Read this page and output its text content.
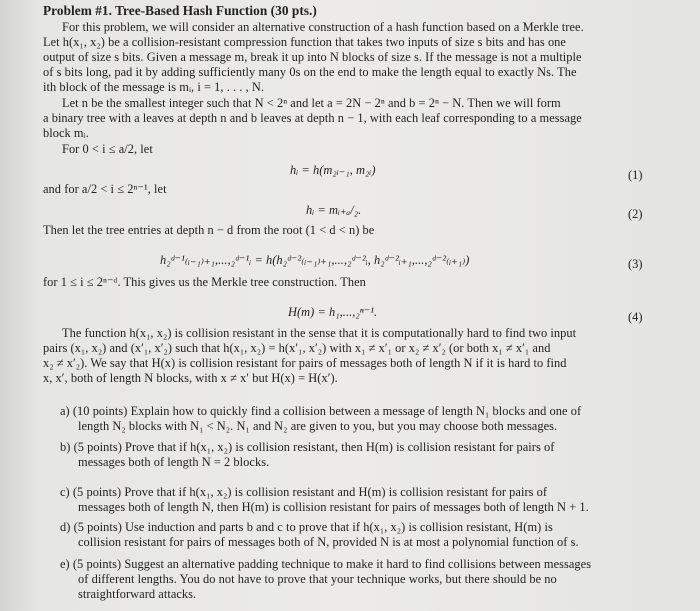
Problem #1. Tree-Based Hash Function (30 pts.)
For this problem, we will consider an alternative construction of a hash function based on a Merkle tree.
Let h(x₁, x₂) be a collision-resistant compression function that takes two inputs of size s bits and has one
output of size s bits. Given a message m, break it up into N blocks of size s. If the message is not a multiple
of s bits long, pad it by adding sufficiently many 0s on the end to make the length equal to exactly Ns. The
ith block of the message is mᵢ, i = 1, . . . , N.
Let n be the smallest integer such that N < 2ⁿ and let a = 2N − 2ⁿ and b = 2ⁿ − N. Then we will form
a binary tree with a leaves at depth n and b leaves at depth n − 1, with each leaf corresponding to a message
block mᵢ.
For 0 < i ≤ a/2, let
hᵢ = h(m₂ᵢ₋₁, m₂ᵢ)	(1)
and for a/2 < i ≤ 2ⁿ⁻¹, let
hᵢ = mᵢ₊ₐ/₂.	(2)
Then let the tree entries at depth n − d from the root (1 < d < n) be
h₂ᵈ⁻¹₍ᵢ₋₁₎₊₁,...,₂ᵈ⁻¹ᵢ = h(h₂ᵈ⁻²₍ᵢ₋₁₎₊₁,...,₂ᵈ⁻²ᵢ, h₂ᵈ⁻²ᵢ₊₁,...,₂ᵈ⁻²₍ᵢ₊₁₎)	(3)
for 1 ≤ i ≤ 2ⁿ⁻ᵈ. This gives us the Merkle tree construction. Then
H(m) = h₁,...,₂ⁿ⁻¹.	(4)
The function h(x₁, x₂) is collision resistant in the sense that it is computationally hard to find two input
pairs (x₁, x₂) and (x′₁, x′₂) such that h(x₁, x₂) = h(x′₁, x′₂) with x₁ ≠ x′₁ or x₂ ≠ x′₂ (or both x₁ ≠ x′₁ and
x₂ ≠ x′₂). We say that H(x) is collision resistant for pairs of messages both of length N if it is hard to find
x, x′, both of length N blocks, with x ≠ x′ but H(x) = H(x′).
a) (10 points) Explain how to quickly find a collision between a message of length N₁ blocks and one of
length N₂ blocks with N₁ < N₂. N₁ and N₂ are given to you, but you may choose both messages.
b) (5 points) Prove that if h(x₁, x₂) is collision resistant, then H(m) is collision resistant for pairs of
messages both of length N = 2 blocks.
c) (5 points) Prove that if h(x₁, x₂) is collision resistant and H(m) is collision resistant for pairs of
messages both of length N, then H(m) is collision resistant for pairs of messages both of length N + 1.
d) (5 points) Use induction and parts b and c to prove that if h(x₁, x₂) is collision resistant, H(m) is
collision resistant for pairs of messages both of N, provided N is at most a polynomial function of s.
e) (5 points) Suggest an alternative padding technique to make it hard to find collisions between messages
of different lengths. You do not have to prove that your technique works, but there should be no
straightforward attacks.
